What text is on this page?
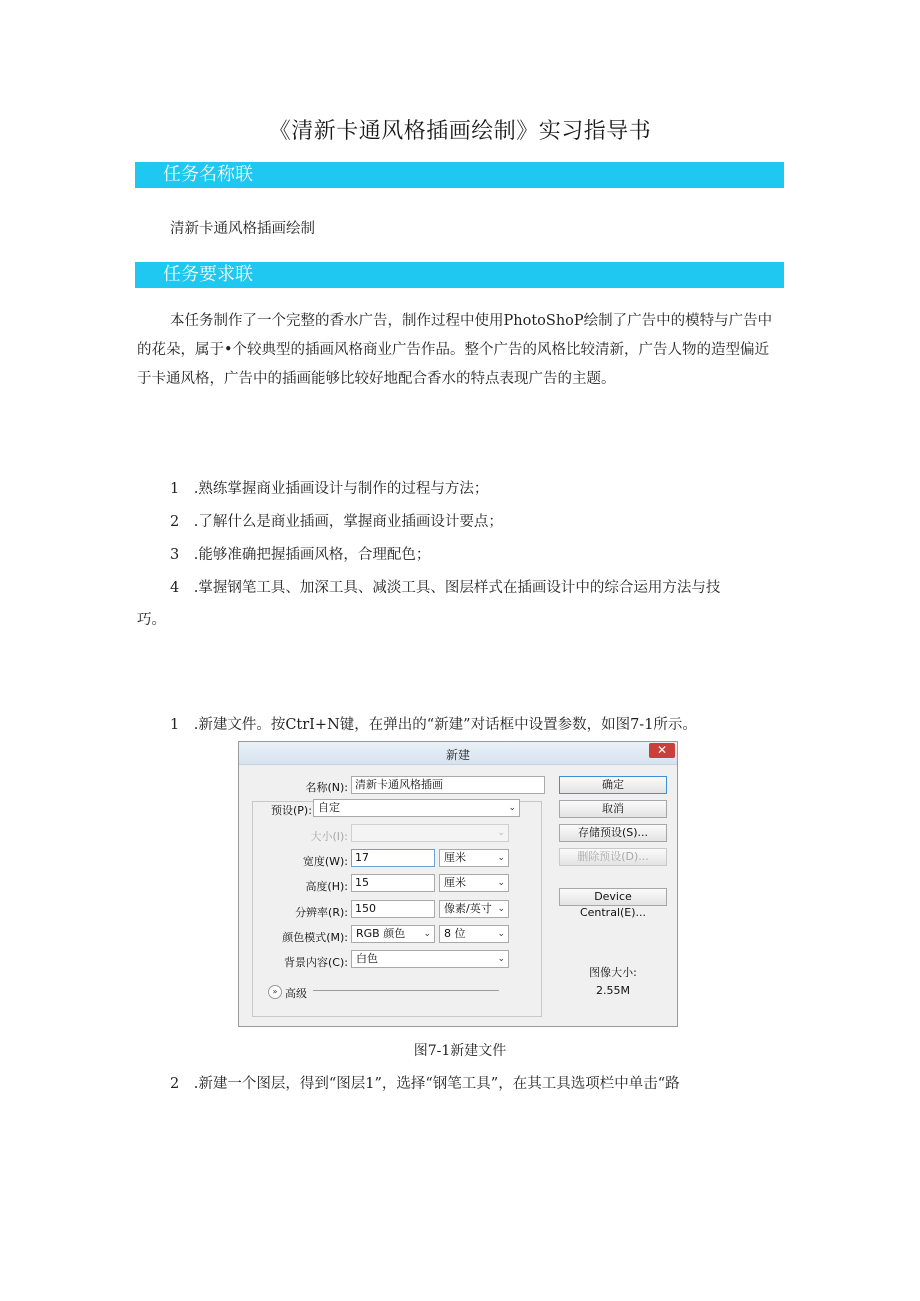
《清新卡通风格插画绘制》实习指导书
任务名称联
清新卡通风格插画绘制
任务要求联

本任务制作了一个完整的香水广告，制作过程中使用PhotoShoP绘制了广告中的模特与广告中的花朵，属于•个较典型的插画风格商业广告作品。整个广告的风格比较清新，广告人物的造型偏近于卡通风格，广告中的插画能够比较好地配合香水的特点表现广告的主题。

1　.熟练掌握商业插画设计与制作的过程与方法；
2　.了解什么是商业插画，掌握商业插画设计要点；
3　.能够准确把握插画风格，合理配色；
4　.掌握钢笔工具、加深工具、减淡工具、图层样式在插画设计中的综合运用方法与技
巧。
1　.新建文件。按CtrI+N键，在弹出的“新建”对话框中设置参数，如图7-1所示。
新建	✕
名称(N): 清新卡通风格插画
预设(P): 自定	⌄
大小(I):	⌄
宽度(W): 17	厘米	⌄
高度(H): 15	厘米	⌄
分辨率(R): 150	像素/英寸 ⌄
颜色模式(M): RGB 颜色 ⌄	8 位	⌄
背景内容(C): 白色	⌄
» 高级
确定
取消
存储预设(S)...
删除预设(D)...
Device Central(E)...
图像大小:
2.55M
图7-1新建文件
2　.新建一个图层，得到“图层1”，选择“钢笔工具”，在其工具选项栏中单击“路
